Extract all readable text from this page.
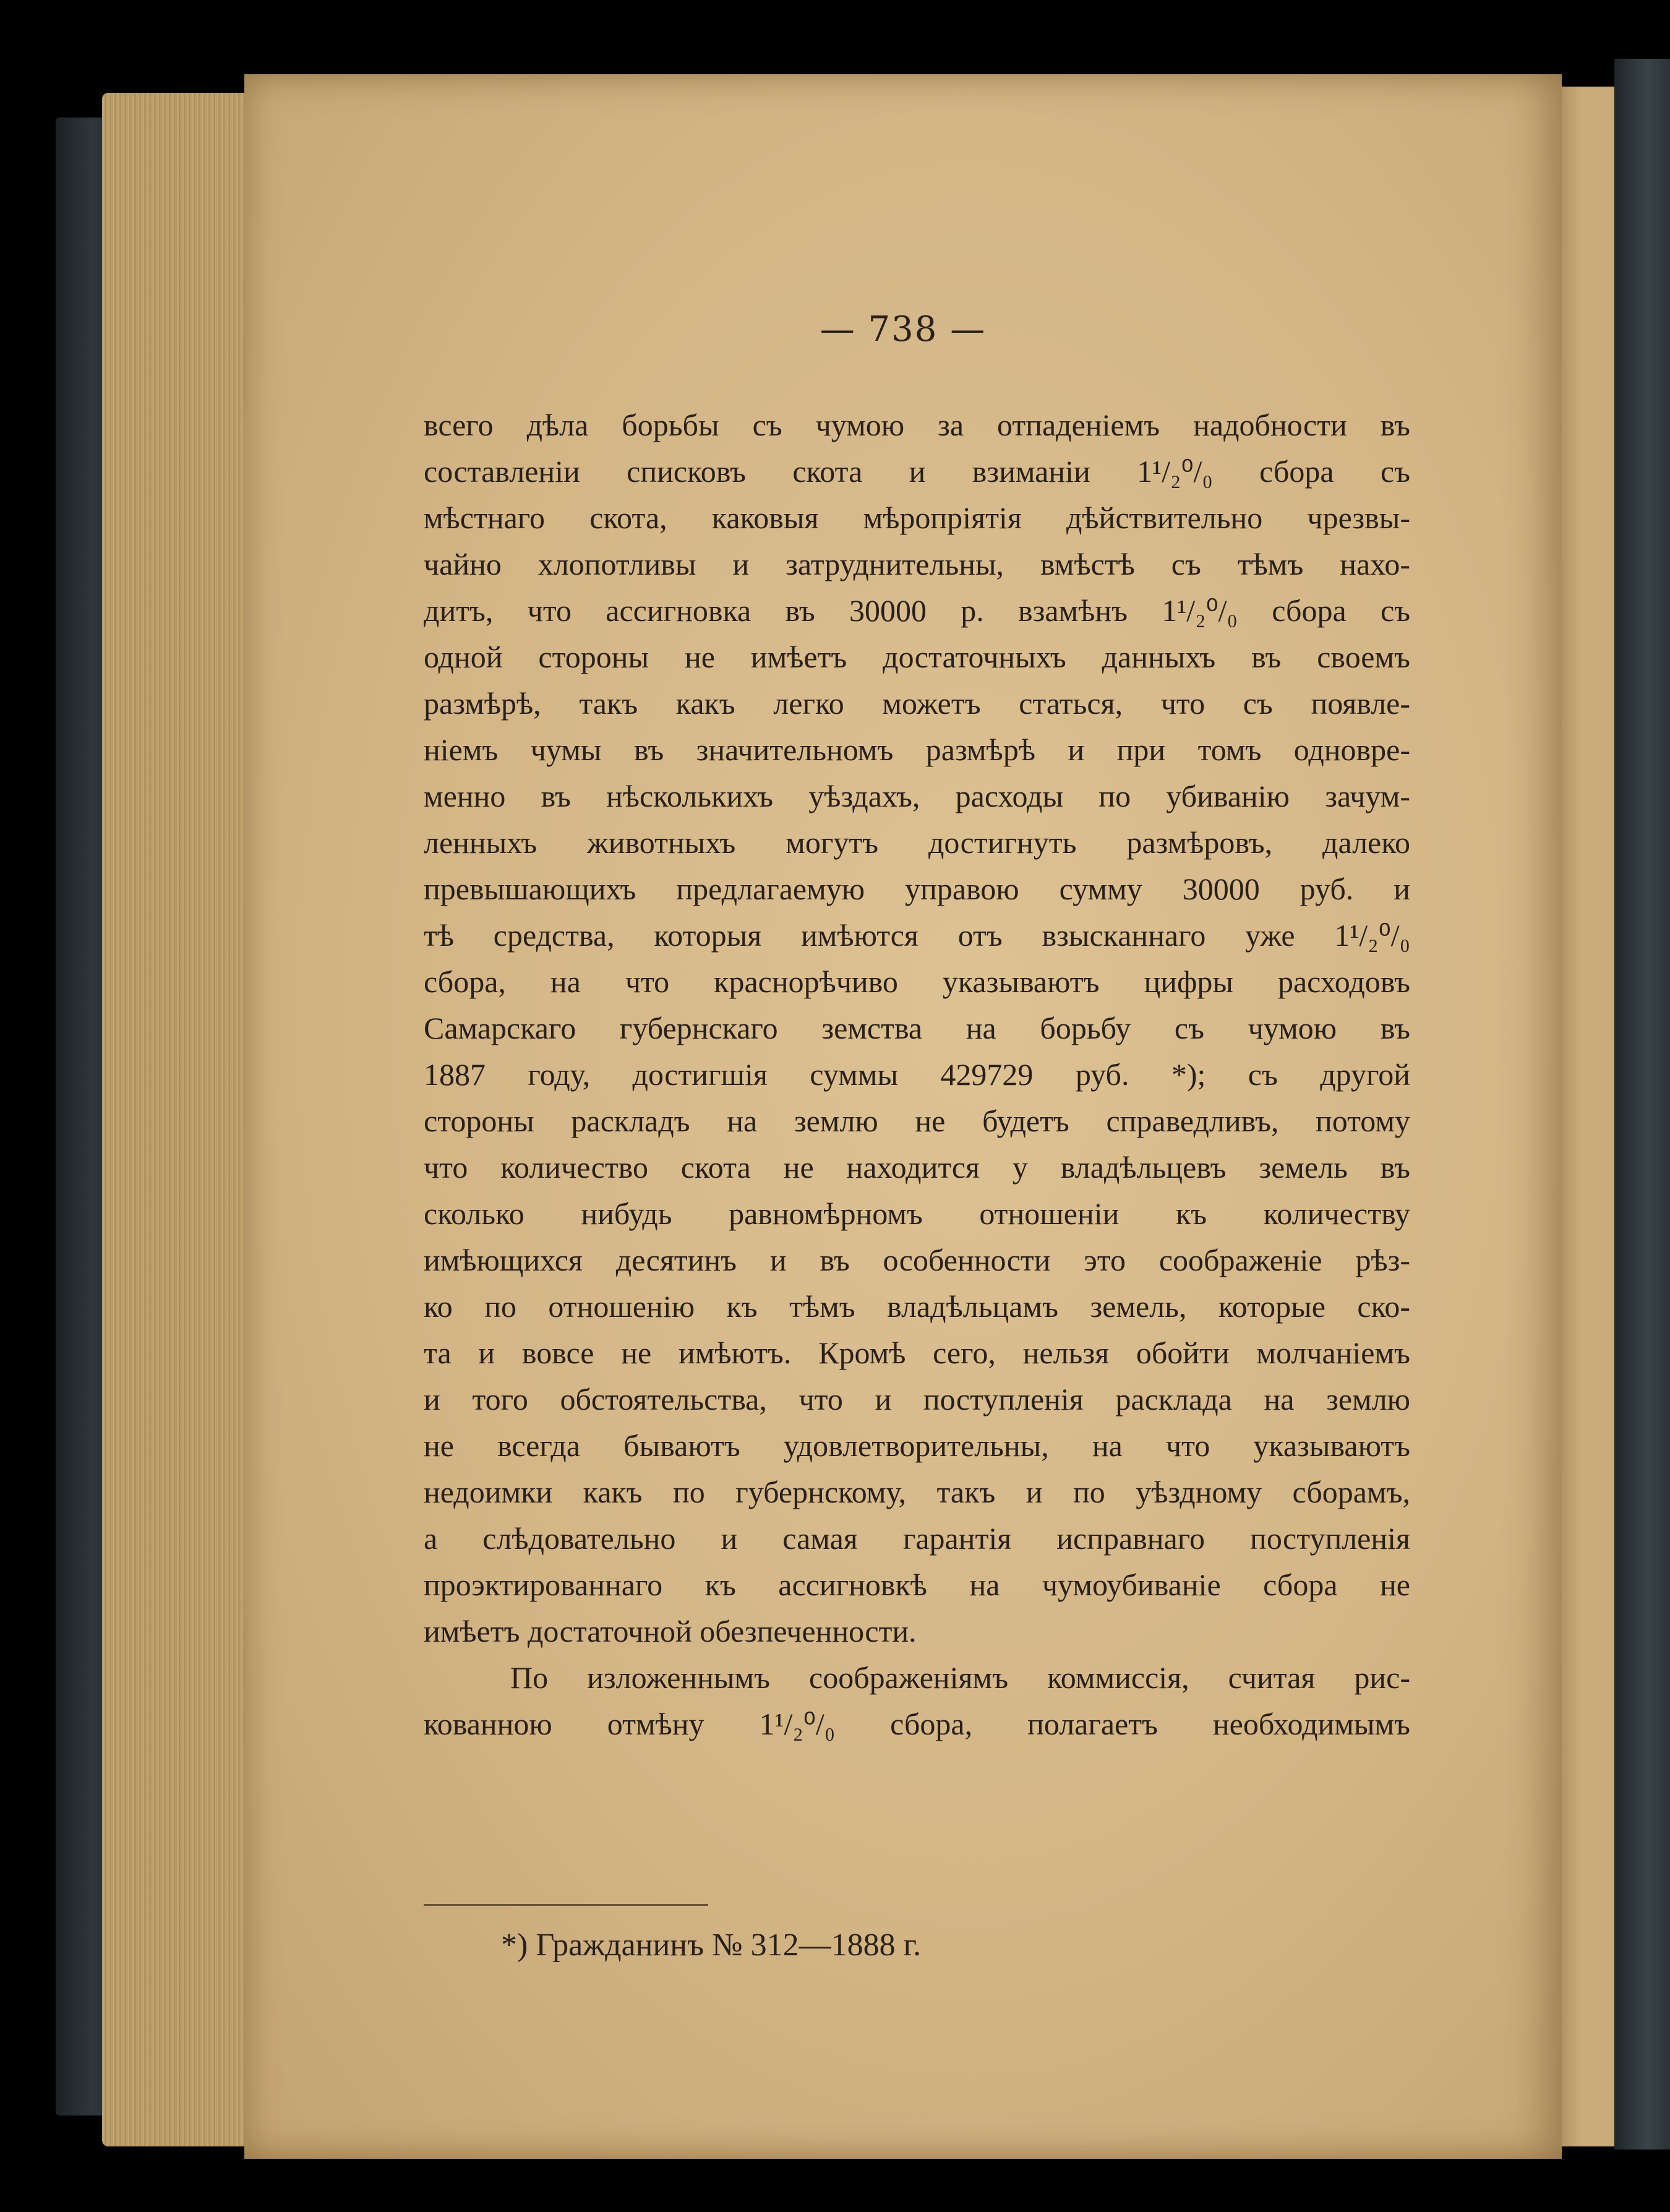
— 738 —
всего дѣла борьбы съ чумою за отпаденіемъ надобности въ
составленіи списковъ скота и взиманіи 1¹/₂⁰/₀ сбора съ
мѣстнаго скота, каковыя мѣропріятія дѣйствительно чрезвы-
чайно хлопотливы и затруднительны, вмѣстѣ съ тѣмъ нахо-
дитъ, что ассигновка въ 30000 р. взамѣнъ 1¹/₂⁰/₀ сбора съ
одной стороны не имѣетъ достаточныхъ данныхъ въ своемъ
размѣрѣ, такъ какъ легко можетъ статься, что съ появле-
ніемъ чумы въ значительномъ размѣрѣ и при томъ одновре-
менно въ нѣсколькихъ уѣздахъ, расходы по убиванію зачум-
ленныхъ животныхъ могутъ достигнуть размѣровъ, далеко
превышающихъ предлагаемую управою сумму 30000 руб. и
тѣ средства, которыя имѣются отъ взысканнаго уже 1¹/₂⁰/₀
сбора, на что краснорѣчиво указываютъ цифры расходовъ
Самарскаго губернскаго земства на борьбу съ чумою въ
1887 году, достигшія суммы 429729 руб. *); съ другой
стороны раскладъ на землю не будетъ справедливъ, потому
что количество скота не находится у владѣльцевъ земель въ
сколько нибудь равномѣрномъ отношеніи къ количеству
имѣющихся десятинъ и въ особенности это соображеніе рѣз-
ко по отношенію къ тѣмъ владѣльцамъ земель, которые ско-
та и вовсе не имѣютъ. Кромѣ сего, нельзя обойти молчаніемъ
и того обстоятельства, что и поступленія расклада на землю
не всегда бываютъ удовлетворительны, на что указываютъ
недоимки какъ по губернскому, такъ и по уѣздному сборамъ,
а слѣдовательно и самая гарантія исправнаго поступленія
проэктированнаго къ ассигновкѣ на чумоубиваніе сбора не
имѣетъ достаточной обезпеченности.
По изложеннымъ соображеніямъ коммиссія, считая рис-
кованною отмѣну 1¹/₂⁰/₀ сбора, полагаетъ необходимымъ
*) Гражданинъ № 312—1888 г.
